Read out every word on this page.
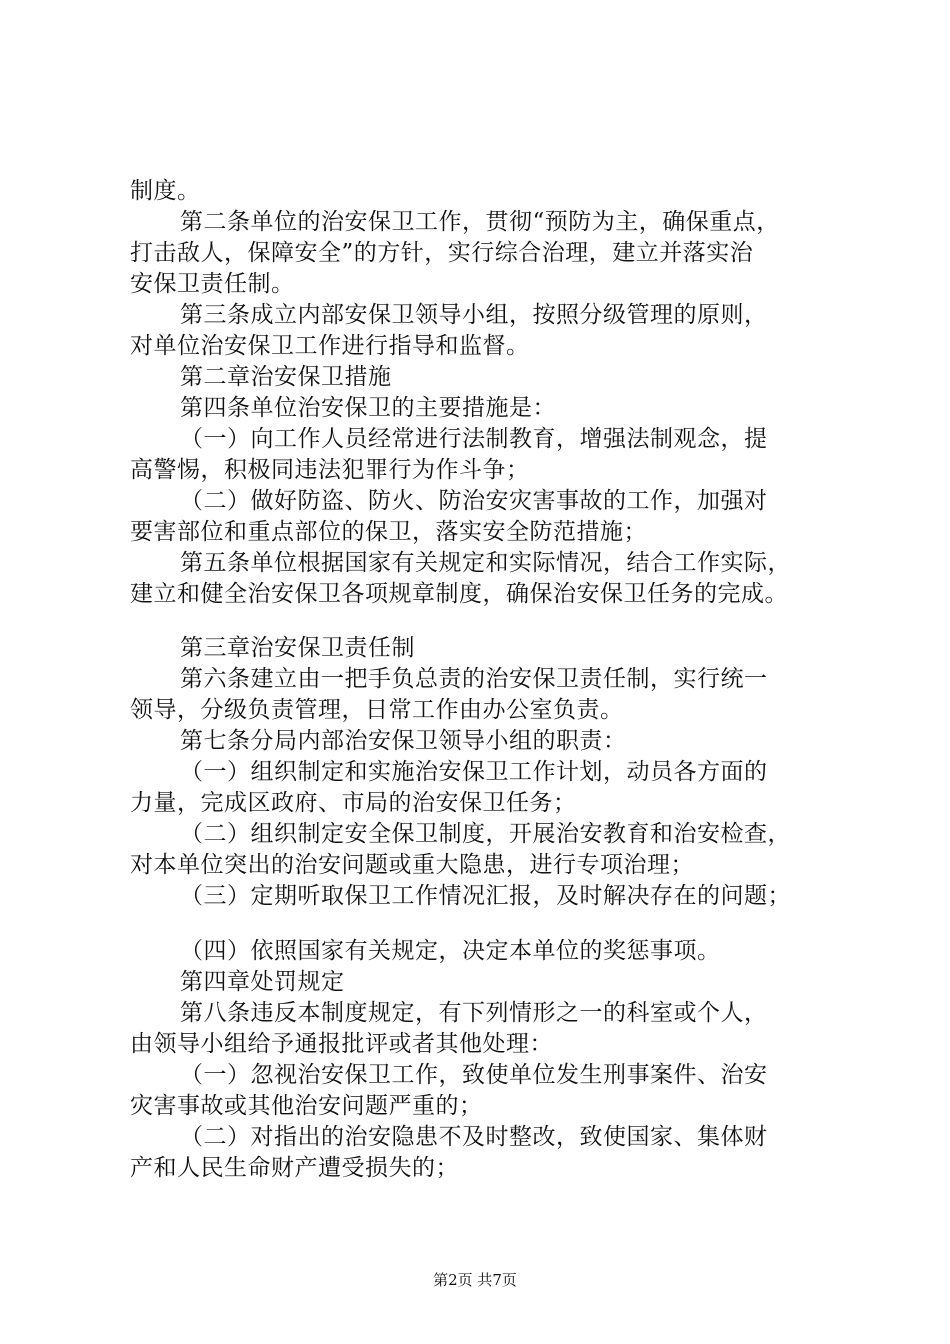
制度。
第二条单位的治安保卫工作，贯彻“预防为主，确保重点，
打击敌人，保障安全”的方针，实行综合治理，建立并落实治
安保卫责任制。
第三条成立内部安保卫领导小组，按照分级管理的原则，
对单位治安保卫工作进行指导和监督。
第二章治安保卫措施
第四条单位治安保卫的主要措施是：
（一）向工作人员经常进行法制教育，增强法制观念，提
高警惕，积极同违法犯罪行为作斗争；
（二）做好防盗、防火、防治安灾害事故的工作，加强对
要害部位和重点部位的保卫，落实安全防范措施；
第五条单位根据国家有关规定和实际情况，结合工作实际，
建立和健全治安保卫各项规章制度，确保治安保卫任务的完成。
第三章治安保卫责任制
第六条建立由一把手负总责的治安保卫责任制，实行统一
领导，分级负责管理，日常工作由办公室负责。
第七条分局内部治安保卫领导小组的职责：
（一）组织制定和实施治安保卫工作计划，动员各方面的
力量，完成区政府、市局的治安保卫任务；
（二）组织制定安全保卫制度，开展治安教育和治安检查，
对本单位突出的治安问题或重大隐患，进行专项治理；
（三）定期听取保卫工作情况汇报，及时解决存在的问题；
（四）依照国家有关规定，决定本单位的奖惩事项。
第四章处罚规定
第八条违反本制度规定，有下列情形之一的科室或个人，
由领导小组给予通报批评或者其他处理：
（一）忽视治安保卫工作，致使单位发生刑事案件、治安
灾害事故或其他治安问题严重的；
（二）对指出的治安隐患不及时整改，致使国家、集体财
产和人民生命财产遭受损失的；
第2页 共7页
